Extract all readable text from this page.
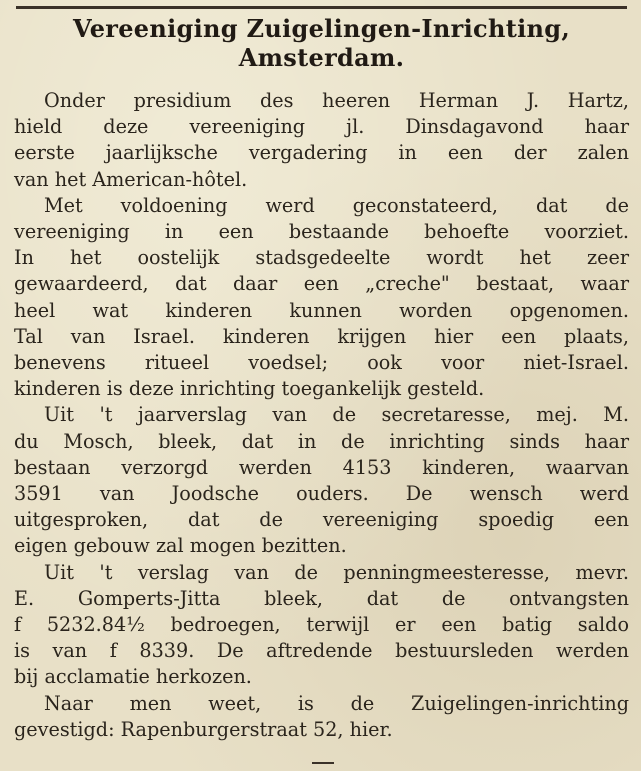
Vereeniging Zuigelingen-Inrichting,
Amsterdam.

Onder presidium des heeren Herman J. Hartz,
hield deze vereeniging jl. Dinsdagavond haar
eerste jaarlijksche vergadering in een der zalen
van het American-hôtel.

Met voldoening werd geconstateerd, dat de
vereeniging in een bestaande behoefte voorziet.
In het oostelijk stadsgedeelte wordt het zeer
gewaardeerd, dat daar een „creche" bestaat, waar
heel wat kinderen kunnen worden opgenomen.
Tal van Israel. kinderen krijgen hier een plaats,
benevens ritueel voedsel; ook voor niet-Israel.
kinderen is deze inrichting toegankelijk gesteld.

Uit 't jaarverslag van de secretaresse, mej. M.
du Mosch, bleek, dat in de inrichting sinds haar
bestaan verzorgd werden 4153 kinderen, waarvan
3591 van Joodsche ouders. De wensch werd
uitgesproken, dat de vereeniging spoedig een
eigen gebouw zal mogen bezitten.

Uit 't verslag van de penningmeesteresse, mevr.
E. Gomperts-Jitta bleek, dat de ontvangsten
f 5232.84½ bedroegen, terwijl er een batig saldo
is van f 8339. De aftredende bestuursleden werden
bij acclamatie herkozen.

Naar men weet, is de Zuigelingen-inrichting
gevestigd: Rapenburgerstraat 52, hier.
